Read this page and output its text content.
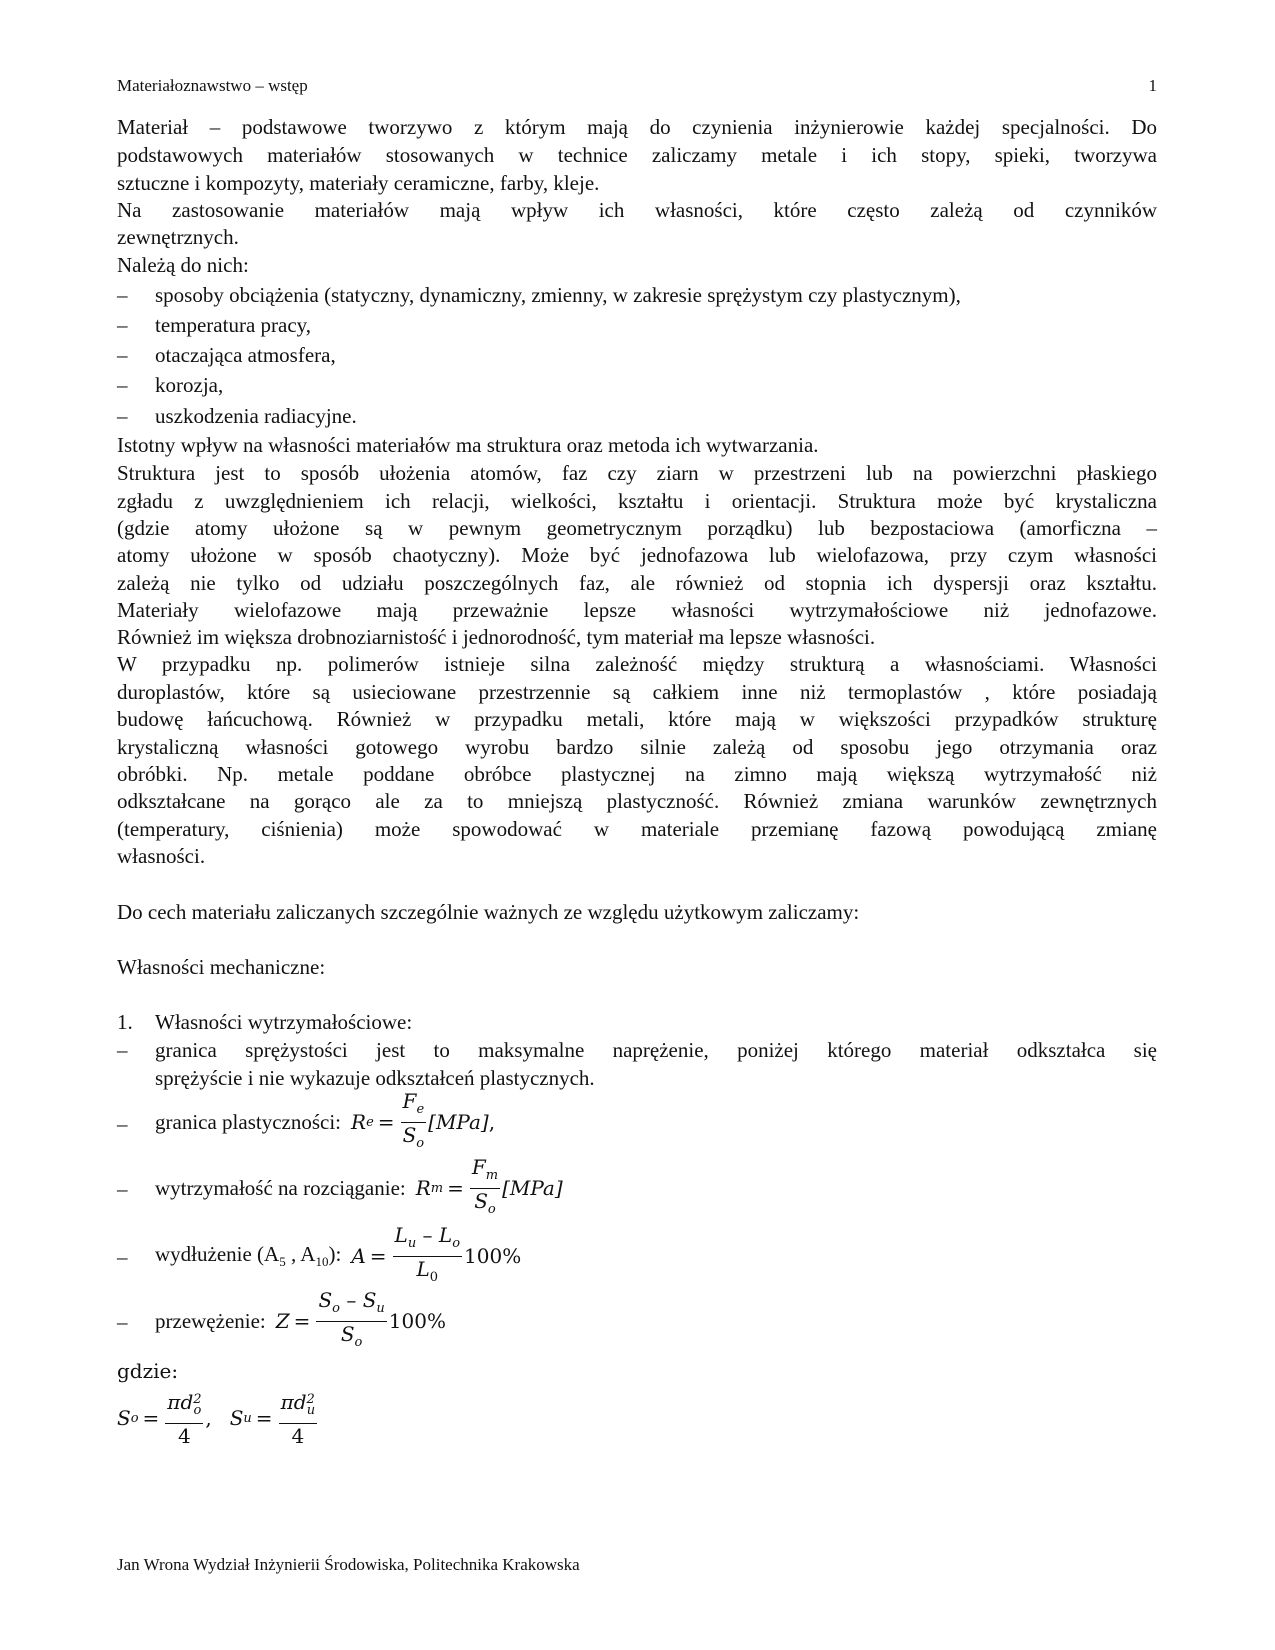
Materiałoznawstwo – wstęp	1
Materiał – podstawowe tworzywo z którym mają do czynienia inżynierowie każdej specjalności. Do
podstawowych materiałów stosowanych w technice zaliczamy metale i ich stopy, spieki, tworzywa
sztuczne i kompozyty, materiały ceramiczne, farby, kleje.
Na zastosowanie materiałów mają wpływ ich własności, które często zależą od czynników
zewnętrznych.
Należą do nich:
– sposoby obciążenia (statyczny, dynamiczny, zmienny, w zakresie sprężystym czy plastycznym),
– temperatura pracy,
– otaczająca atmosfera,
– korozja,
– uszkodzenia radiacyjne.
Istotny wpływ na własności materiałów ma struktura oraz metoda ich wytwarzania.
Struktura jest to sposób ułożenia atomów, faz czy ziarn w przestrzeni lub na powierzchni płaskiego
zgładu z uwzględnieniem ich relacji, wielkości, kształtu i orientacji. Struktura może być krystaliczna
(gdzie atomy ułożone są w pewnym geometrycznym porządku) lub bezpostaciowa (amorficzna –
atomy ułożone w sposób chaotyczny). Może być jednofazowa lub wielofazowa, przy czym własności
zależą nie tylko od udziału poszczególnych faz, ale również od stopnia ich dyspersji oraz kształtu.
Materiały wielofazowe mają przeważnie lepsze własności wytrzymałościowe niż jednofazowe.
Również im większa drobnoziarnistość i jednorodność, tym materiał ma lepsze własności.
W przypadku np. polimerów istnieje silna zależność między strukturą a własnościami. Własności
duroplastów, które są usieciowane przestrzennie są całkiem inne niż termoplastów , które posiadają
budowę łańcuchową. Również w przypadku metali, które mają w większości przypadków strukturę
krystaliczną własności gotowego wyrobu bardzo silnie zależą od sposobu jego otrzymania oraz
obróbki. Np. metale poddane obróbce plastycznej na zimno mają większą wytrzymałość niż
odkształcane na gorąco ale za to mniejszą plastyczność. Również zmiana warunków zewnętrznych
(temperatury, ciśnienia) może spowodować w materiale przemianę fazową powodującą zmianę
własności.
Do cech materiału zaliczanych szczególnie ważnych ze względu użytkowym zaliczamy:
Własności mechaniczne:
1. Własności wytrzymałościowe:
– granica sprężystości jest to maksymalne naprężenie, poniżej którego materiał odkształca się
sprężyście i nie wykazuje odkształceń plastycznych.
– granica plastyczności: R $e = \frac{F_e}{S_o} [MPa]$ ,
– wytrzymałość na rozciąganie: R $m = \frac{F_m}{S_o} [MPa]$
– wydłużenie ($A_5$ , $A_{10}$): $A = \frac{L_u - L_o}{L_0} 100\%$
– przewężenie: $Z = \frac{S_o - S_u}{S_o} 100\%$
gdzie:
S $o = \frac{\pi d^2_o}{4}$ , S $u = \frac{\pi d^2_u}{4}$
Jan Wrona Wydział Inżynierii Środowiska, Politechnika Krakowska
